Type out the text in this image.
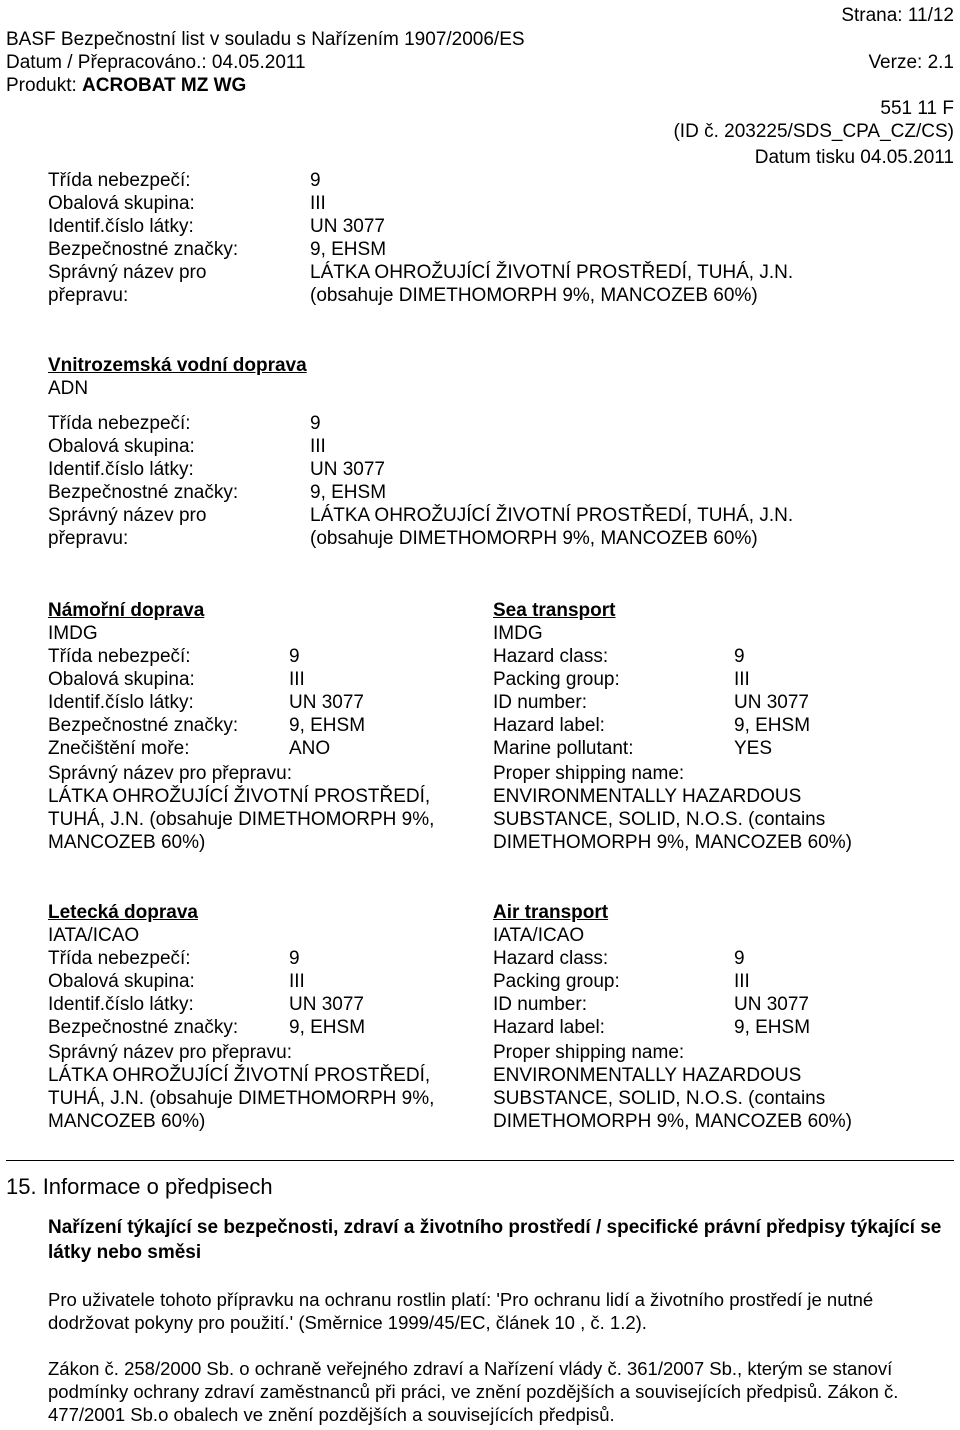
BASF Bezpečnostní list v souladu s Nařízením 1907/2006/ES
Strana: 11/12
Datum / Přepracováno.: 04.05.2011	Verze: 2.1
Produkt: ACROBAT MZ WG
551 11 F
(ID č. 203225/SDS_CPA_CZ/CS)
Datum tisku 04.05.2011
Třída nebezpečí:	9
Obalová skupina:	III
Identif.číslo látky:	UN 3077
Bezpečnostné značky:	9, EHSM
Správný název pro	LÁTKA OHROŽUJÍCÍ ŽIVOTNÍ PROSTŘEDÍ, TUHÁ, J.N.
přepravu:	(obsahuje DIMETHOMORPH 9%, MANCOZEB 60%)
Vnitrozemská vodní doprava
ADN
Třída nebezpečí:	9
Obalová skupina:	III
Identif.číslo látky:	UN 3077
Bezpečnostné značky:	9, EHSM
Správný název pro	LÁTKA OHROŽUJÍCÍ ŽIVOTNÍ PROSTŘEDÍ, TUHÁ, J.N.
přepravu:	(obsahuje DIMETHOMORPH 9%, MANCOZEB 60%)
Námořní doprava	Sea transport
IMDG	IMDG
Třída nebezpečí:	9	Hazard class:	9
Obalová skupina:	III	Packing group:	III
Identif.číslo látky:	UN 3077	ID number:	UN 3077
Bezpečnostné značky:	9, EHSM	Hazard label:	9, EHSM
Znečištění moře:	ANO	Marine pollutant:	YES
Správný název pro přepravu:
LÁTKA OHROŽUJÍCÍ ŽIVOTNÍ PROSTŘEDÍ,
TUHÁ, J.N. (obsahuje DIMETHOMORPH 9%,
MANCOZEB 60%)
Proper shipping name:
ENVIRONMENTALLY HAZARDOUS
SUBSTANCE, SOLID, N.O.S. (contains
DIMETHOMORPH 9%, MANCOZEB 60%)
Letecká doprava	Air transport
IATA/ICAO	IATA/ICAO
Třída nebezpečí:	9	Hazard class:	9
Obalová skupina:	III	Packing group:	III
Identif.číslo látky:	UN 3077	ID number:	UN 3077
Bezpečnostné značky:	9, EHSM	Hazard label:	9, EHSM
Správný název pro přepravu:
LÁTKA OHROŽUJÍCÍ ŽIVOTNÍ PROSTŘEDÍ,
TUHÁ, J.N. (obsahuje DIMETHOMORPH 9%,
MANCOZEB 60%)
Proper shipping name:
ENVIRONMENTALLY HAZARDOUS
SUBSTANCE, SOLID, N.O.S. (contains
DIMETHOMORPH 9%, MANCOZEB 60%)
15. Informace o předpisech
Nařízení týkající se bezpečnosti, zdraví a životního prostředí / specifické právní předpisy týkající se látky nebo směsi
Pro uživatele tohoto přípravku na ochranu rostlin platí: 'Pro ochranu lidí a životního prostředí je nutné dodržovat pokyny pro použití.' (Směrnice 1999/45/EC, článek 10 , č. 1.2).
Zákon č. 258/2000 Sb. o ochraně veřejného zdraví a Nařízení vlády č. 361/2007 Sb., kterým se stanoví podmínky ochrany zdraví zaměstnanců při práci, ve znění pozdějších a souvisejících předpisů. Zákon č. 477/2001 Sb.o obalech ve znění pozdějších a souvisejících předpisů.
